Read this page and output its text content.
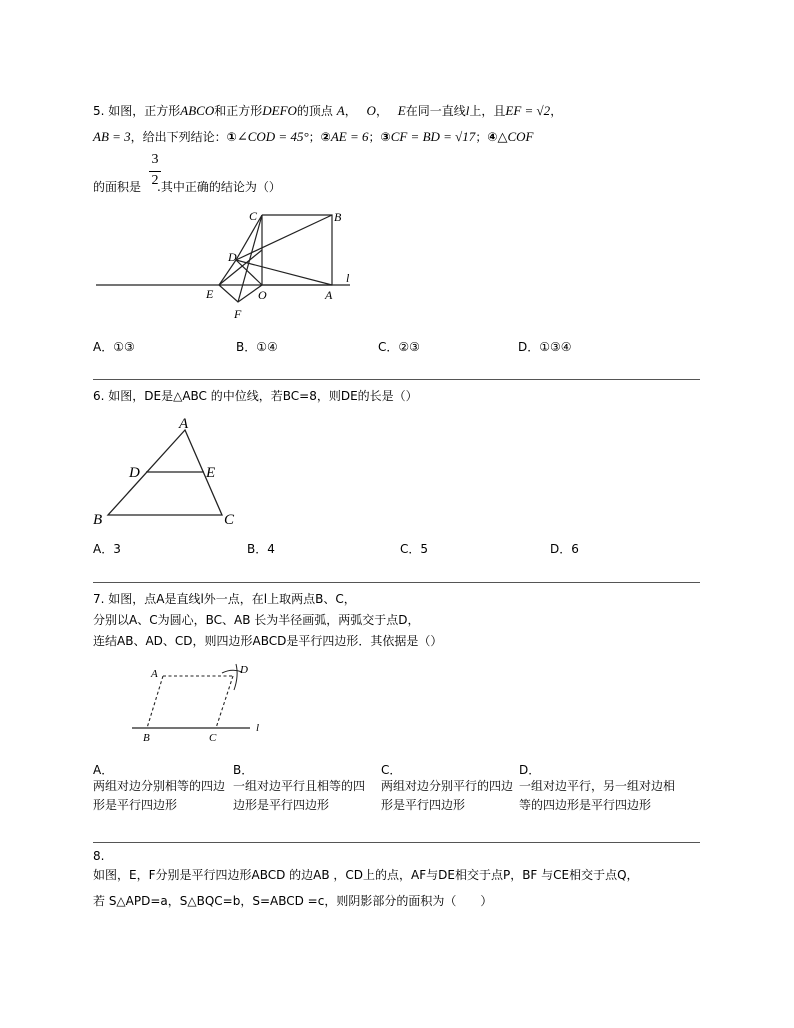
5. 如图，正方形ABCO和正方形DEFO的顶点 A， O， E在同一直线l上，且EF = √2，
AB = 3，给出下列结论：①∠COD = 45°；②AE = 6；③CF = BD = √17；④△COF
3
2
的面积是 .其中正确的结论为（）
C	B
D
l
E	O	A
F
A．①③	B．①④	C．②③	D．①③④
6. 如图，DE是△ABC 的中位线，若BC=8，则DE的长是（）
A
D	E
B	C
A．3	B．4	C．5	D．6
7. 如图，点A是直线l外一点，在l上取两点B、C，
分别以A、C为圆心，BC、AB 长为半径画弧，两弧交于点D，
连结AB、AD、CD，则四边形ABCD是平行四边形．其依据是（）
A	D
B	C
l
A．
两组对边分别相等的四边形是平行四边形
B．
一组对边平行且相等的四边形是平行四边形
C．
两组对边分别平行的四边形是平行四边形
D．
一组对边平行，另一组对边相等的四边形是平行四边形
8.
如图，E，F分别是平行四边形ABCD 的边AB ，CD上的点，AF与DE相交于点P，BF 与CE相交于点Q，
若 S△APD=a，S△BQC=b，S=ABCD =c，则阴影部分的面积为（　　）
